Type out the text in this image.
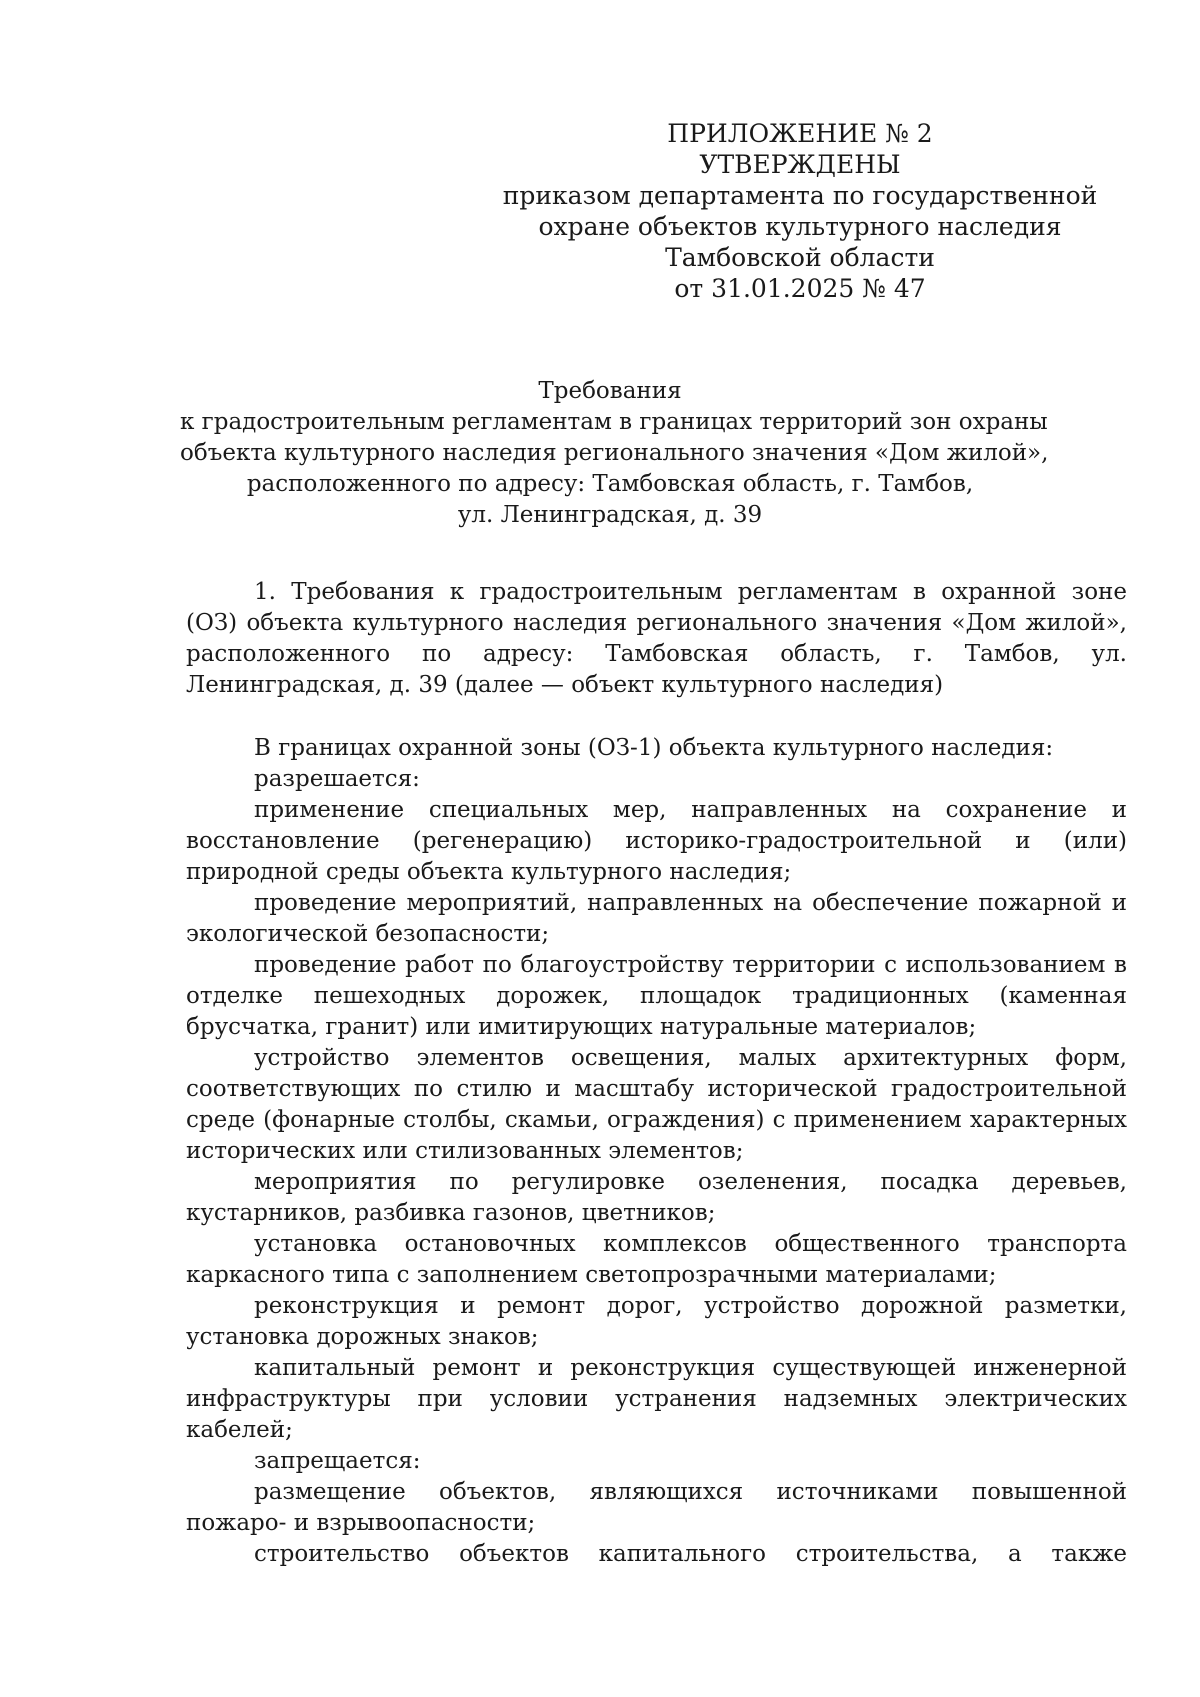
ПРИЛОЖЕНИЕ № 2
УТВЕРЖДЕНЫ
приказом департамента по государственной
охране объектов культурного наследия
Тамбовской области
от 31.01.2025 № 47
Требования
к градостроительным регламентам в границах территорий зон охраны
объекта культурного наследия регионального значения «Дом жилой»,
расположенного по адресу: Тамбовская область, г. Тамбов,
ул. Ленинградская, д. 39

1. Требования к градостроительным регламентам в охранной зоне (ОЗ) объекта культурного наследия регионального значения «Дом жилой», расположенного по адресу: Тамбовская область, г. Тамбов, ул. Ленинградская, д. 39 (далее — объект культурного наследия)

В границах охранной зоны (ОЗ-1) объекта культурного наследия:

разрешается:

применение специальных мер, направленных на сохранение и восстановление (регенерацию) историко-градостроительной и (или) природной среды объекта культурного наследия;

проведение мероприятий, направленных на обеспечение пожарной и экологической безопасности;

проведение работ по благоустройству территории с использованием в отделке пешеходных дорожек, площадок традиционных (каменная брусчатка, гранит) или имитирующих натуральные материалов;

устройство элементов освещения, малых архитектурных форм, соответствующих по стилю и масштабу исторической градостроительной среде (фонарные столбы, скамьи, ограждения) с применением характерных исторических или стилизованных элементов;

мероприятия по регулировке озеленения, посадка деревьев, кустарников, разбивка газонов, цветников;

установка остановочных комплексов общественного транспорта каркасного типа с заполнением светопрозрачными материалами;

реконструкция и ремонт дорог, устройство дорожной разметки, установка дорожных знаков;

капитальный ремонт и реконструкция существующей инженерной инфраструктуры при условии устранения надземных электрических кабелей;

запрещается:

размещение объектов, являющихся источниками повышенной пожаро- и взрывоопасности;

строительство объектов капитального строительства, а также
